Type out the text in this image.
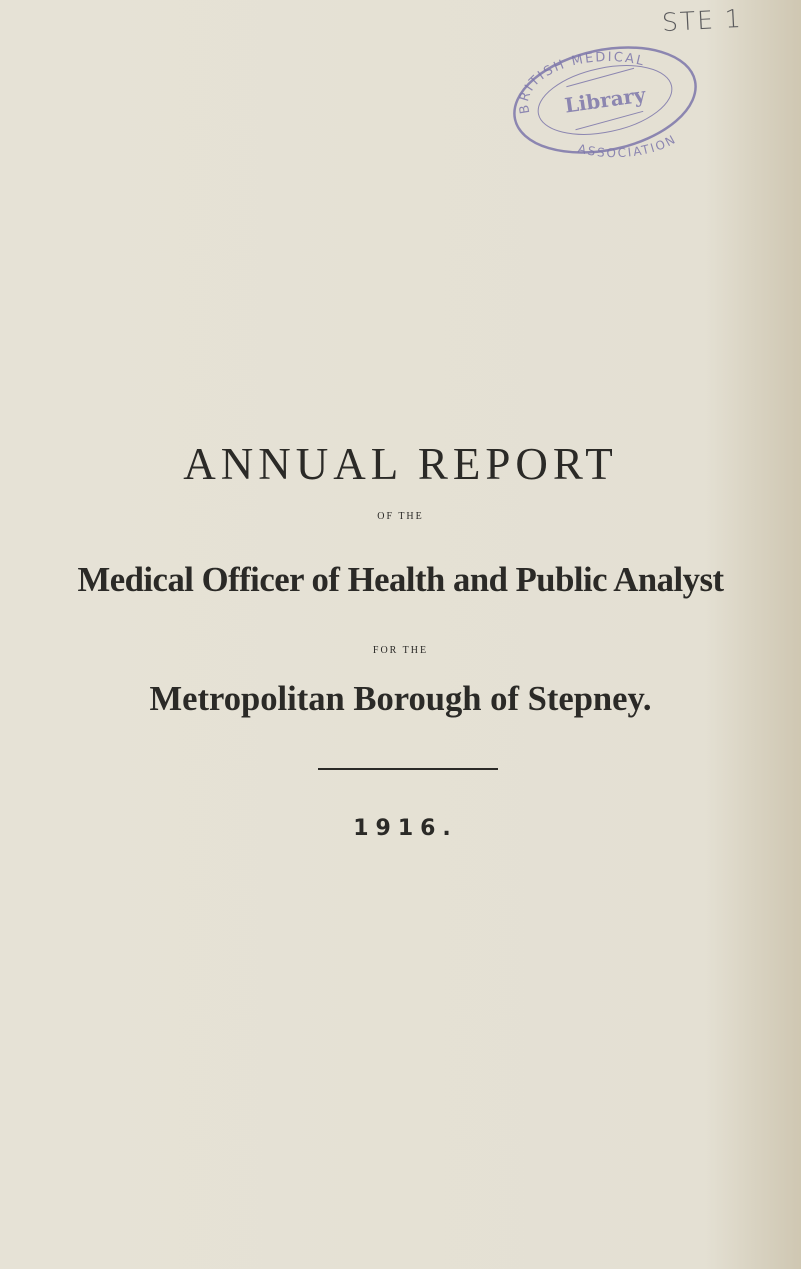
STE 1
BRITISH MEDICAL
ASSOCIATION
Library
ANNUAL REPORT
OF THE
Medical Officer of Health and Public Analyst
FOR THE
Metropolitan Borough of Stepney.
1916.
